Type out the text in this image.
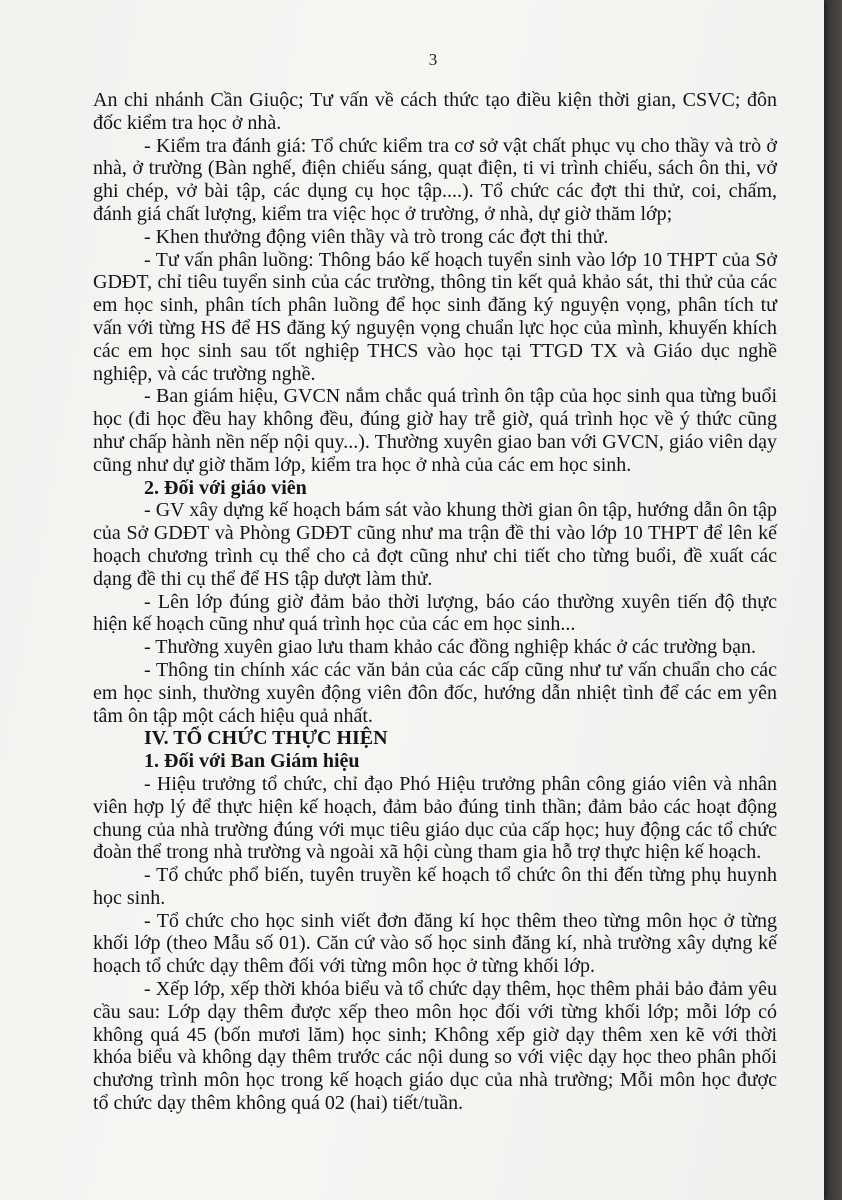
3

An chi nhánh Cần Giuộc; Tư vấn về cách thức tạo điều kiện thời gian, CSVC; đôn đốc kiểm tra học ở nhà.

- Kiểm tra đánh giá: Tổ chức kiểm tra cơ sở vật chất phục vụ cho thầy và trò ở nhà, ở trường (Bàn nghế, điện chiếu sáng, quạt điện, ti vi trình chiếu, sách ôn thi, vở ghi chép, vở bài tập, các dụng cụ học tập....). Tổ chức các đợt thi thử, coi, chấm, đánh giá chất lượng, kiểm tra việc học ở trường, ở nhà, dự giờ thăm lớp;

- Khen thưởng động viên thầy và trò trong các đợt thi thử.

- Tư vấn phân luồng: Thông báo kế hoạch tuyển sinh vào lớp 10 THPT của Sở GDĐT, chỉ tiêu tuyển sinh của các trường, thông tin kết quả khảo sát, thi thử của các em học sinh, phân tích phân luồng để học sinh đăng ký nguyện vọng, phân tích tư vấn với từng HS để HS đăng ký nguyện vọng chuẩn lực học của mình, khuyến khích các em học sinh sau tốt nghiệp THCS vào học tại TTGD TX và Giáo dục nghề nghiệp, và các trường nghề.

- Ban giám hiệu, GVCN nắm chắc quá trình ôn tập của học sinh qua từng buổi học (đi học đều hay không đều, đúng giờ hay trễ giờ, quá trình học về ý thức cũng như chấp hành nền nếp nội quy...). Thường xuyên giao ban với GVCN, giáo viên dạy cũng như dự giờ thăm lớp, kiểm tra học ở nhà của các em học sinh.

2. Đối với giáo viên

- GV xây dựng kế hoạch bám sát vào khung thời gian ôn tập, hướng dẫn ôn tập của Sở GDĐT và Phòng GDĐT cũng như ma trận đề thi vào lớp 10 THPT để lên kế hoạch chương trình cụ thể cho cả đợt cũng như chi tiết cho từng buổi, đề xuất các dạng đề thi cụ thể để HS tập dượt làm thử.

- Lên lớp đúng giờ đảm bảo thời lượng, báo cáo thường xuyên tiến độ thực hiện kế hoạch cũng như quá trình học của các em học sinh...

- Thường xuyên giao lưu tham khảo các đồng nghiệp khác ở các trường bạn.

- Thông tin chính xác các văn bản của các cấp cũng như tư vấn chuẩn cho các em học sinh, thường xuyên động viên đôn đốc, hướng dẫn nhiệt tình để các em yên tâm ôn tập một cách hiệu quả nhất.

IV. TỔ CHỨC THỰC HIỆN
1. Đối với Ban Giám hiệu

- Hiệu trưởng tổ chức, chỉ đạo Phó Hiệu trưởng phân công giáo viên và nhân viên hợp lý để thực hiện kế hoạch, đảm bảo đúng tinh thần; đảm bảo các hoạt động chung của nhà trường đúng với mục tiêu giáo dục của cấp học; huy động các tổ chức đoàn thể trong nhà trường và ngoài xã hội cùng tham gia hỗ trợ thực hiện kế hoạch.

- Tổ chức phổ biến, tuyên truyền kế hoạch tổ chức ôn thi đến từng phụ huynh học sinh.

- Tổ chức cho học sinh viết đơn đăng kí học thêm theo từng môn học ở từng khối lớp (theo Mẫu số 01). Căn cứ vào số học sinh đăng kí, nhà trường xây dựng kế hoạch tổ chức dạy thêm đối với từng môn học ở từng khối lớp.

- Xếp lớp, xếp thời khóa biểu và tổ chức dạy thêm, học thêm phải bảo đảm yêu cầu sau: Lớp dạy thêm được xếp theo môn học đối với từng khối lớp; mỗi lớp có không quá 45 (bốn mươi lăm) học sinh; Không xếp giờ dạy thêm xen kẽ với thời khóa biểu và không dạy thêm trước các nội dung so với việc dạy học theo phân phối chương trình môn học trong kế hoạch giáo dục của nhà trường; Mỗi môn học được tổ chức dạy thêm không quá 02 (hai) tiết/tuần.
